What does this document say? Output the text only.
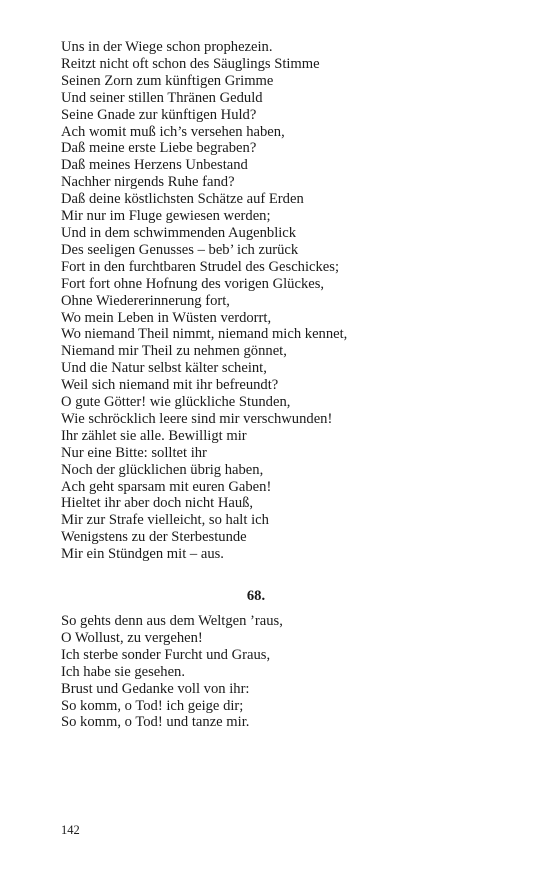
Uns in der Wiege schon prophezein.
Reitzt nicht oft schon des Säuglings Stimme
Seinen Zorn zum künftigen Grimme
Und seiner stillen Thränen Geduld
Seine Gnade zur künftigen Huld?
Ach womit muß ich’s versehen haben,
Daß meine erste Liebe begraben?
Daß meines Herzens Unbestand
Nachher nirgends Ruhe fand?
Daß deine köstlichsten Schätze auf Erden
Mir nur im Fluge gewiesen werden;
Und in dem schwimmenden Augenblick
Des seeligen Genusses – beb’ ich zurück
Fort in den furchtbaren Strudel des Geschickes;
Fort fort ohne Hofnung des vorigen Glückes,
Ohne Wiedererinnerung fort,
Wo mein Leben in Wüsten verdorrt,
Wo niemand Theil nimmt, niemand mich kennet,
Niemand mir Theil zu nehmen gönnet,
Und die Natur selbst kälter scheint,
Weil sich niemand mit ihr befreundt?
O gute Götter! wie glückliche Stunden,
Wie schröcklich leere sind mir verschwunden!
Ihr zählet sie alle. Bewilligt mir
Nur eine Bitte: solltet ihr
Noch der glücklichen übrig haben,
Ach geht sparsam mit euren Gaben!
Hieltet ihr aber doch nicht Hauß,
Mir zur Strafe vielleicht, so halt ich
Wenigstens zu der Sterbestunde
Mir ein Stündgen mit – aus.
68.
So gehts denn aus dem Weltgen ’raus,
O Wollust, zu vergehen!
Ich sterbe sonder Furcht und Graus,
Ich habe sie gesehen.
Brust und Gedanke voll von ihr:
So komm, o Tod! ich geige dir;
So komm, o Tod! und tanze mir.
142
